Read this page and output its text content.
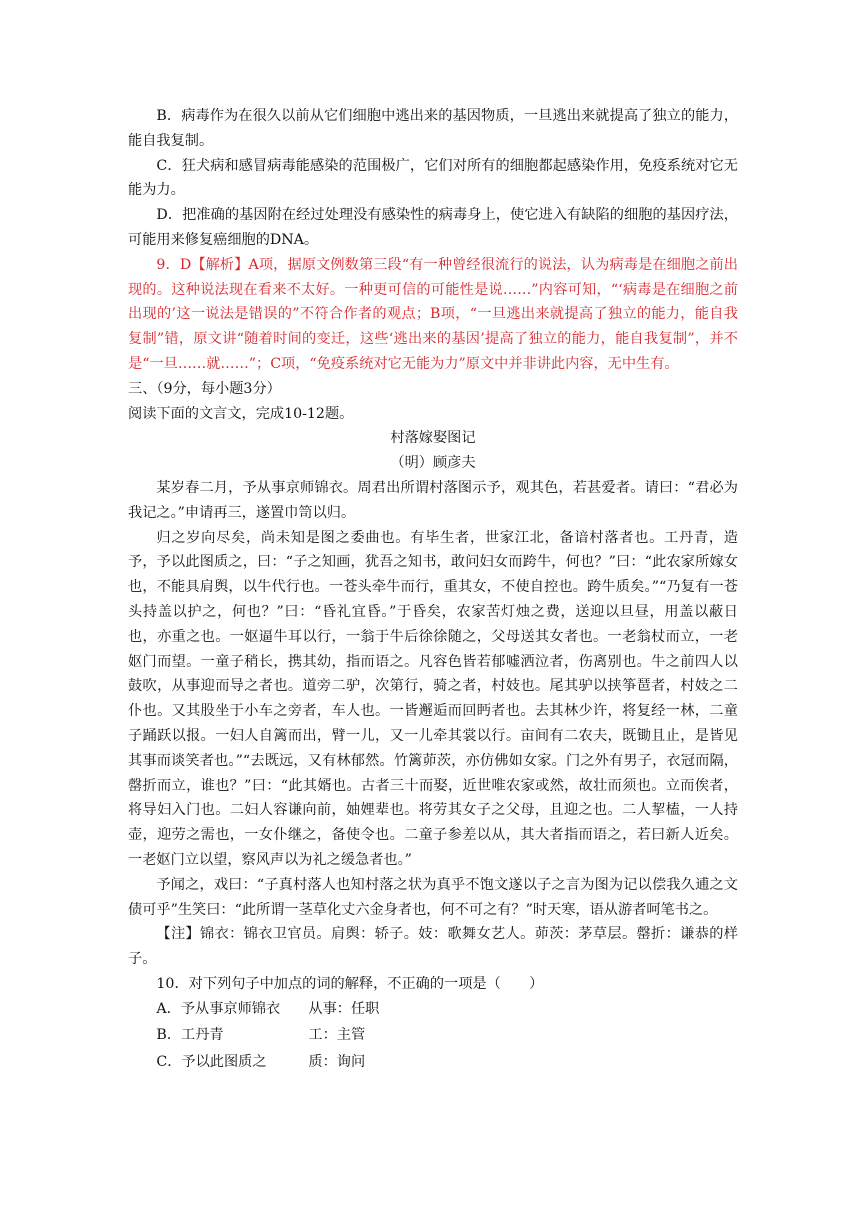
B．病毒作为在很久以前从它们细胞中逃出来的基因物质，一旦逃出来就提高了独立的能力，能自我复制。

C．狂犬病和感冒病毒能感染的范围极广，它们对所有的细胞都起感染作用，免疫系统对它无能为力。

D．把准确的基因附在经过处理没有感染性的病毒身上，使它进入有缺陷的细胞的基因疗法，可能用来修复癌细胞的DNA。

9．D【解析】A项，据原文例数第三段“有一种曾经很流行的说法，认为病毒是在细胞之前出现的。这种说法现在看来不太好。一种更可信的可能性是说……”内容可知，“‘病毒是在细胞之前出现的’这一说法是错误的”不符合作者的观点；B项，“一旦逃出来就提高了独立的能力，能自我复制”错，原文讲“随着时间的变迁，这些‘逃出来的基因’提高了独立的能力，能自我复制”，并不是“一旦……就……”；C项，“免疫系统对它无能为力”原文中并非讲此内容，无中生有。

三、（9分，每小题3分）

阅读下面的文言文，完成10-12题。

村落嫁娶图记

（明）顾彦夫

某岁春二月，予从事京师锦衣。周君出所谓村落图示予，观其色，若甚爱者。请曰：“君必为我记之。”申请再三，遂置巾笥以归。

归之岁向尽矣，尚未知是图之委曲也。有毕生者，世家江北，备谙村落者也。工丹青，造予，予以此图质之，曰：“子之知画，犹吾之知书，敢问妇女而跨牛，何也？”曰：“此农家所嫁女也，不能具肩舆，以牛代行也。一苍头牵牛而行，重其女，不使自控也。跨牛质矣。”“乃复有一苍头持盖以护之，何也？”曰：“昏礼宜昏。”于昏矣，农家苦灯烛之费，送迎以旦昼，用盖以蔽日也，亦重之也。一妪逼牛耳以行，一翁于牛后徐徐随之，父母送其女者也。一老翁杖而立，一老妪门而望。一童子稍长，携其幼，指而语之。凡容色皆若郁嘘洒泣者，伤离别也。牛之前四人以鼓吹，从事迎而导之者也。道旁二驴，次第行，骑之者，村妓也。尾其驴以挟筝琶者，村妓之二仆也。又其股坐于小车之旁者，车人也。一皆邂逅而回眄者也。去其林少许，将复经一林，二童子踊跃以报。一妇人自篱而出，臂一儿，又一儿牵其裳以行。亩间有二农夫，既锄且止，是皆见其事而谈笑者也。”“去既远，又有林郁然。竹篱茆茨，亦仿佛如女家。门之外有男子，衣冠而隔，罄折而立，谁也？”曰：“此其婿也。古者三十而娶，近世唯农家或然，故壮而须也。立而俟者，将导妇入门也。二妇人容谦向前，妯娌辈也。将劳其女子之父母，且迎之也。二人挈榼，一人持壶，迎劳之需也，一女仆继之，备使令也。二童子参差以从，其大者指而语之，若曰新人近矣。一老妪门立以望，察风声以为礼之缓急者也。”

予闻之，戏曰：“子真村落人也知村落之状为真乎不饱文遂以子之言为图为记以偿我久逋之文债可乎”生笑曰：“此所谓一茎草化丈六金身者也，何不可之有？”时天寒，语从游者呵笔书之。

【注】锦衣：锦衣卫官员。肩舆：轿子。妓：歌舞女艺人。茆茨：茅草层。罄折：谦恭的样子。

10．对下列句子中加点的词的解释，不正确的一项是（　　）

A．予从事京师锦衣	从事：任职
B．工丹青	工：主管
C．予以此图质之	质：询问
